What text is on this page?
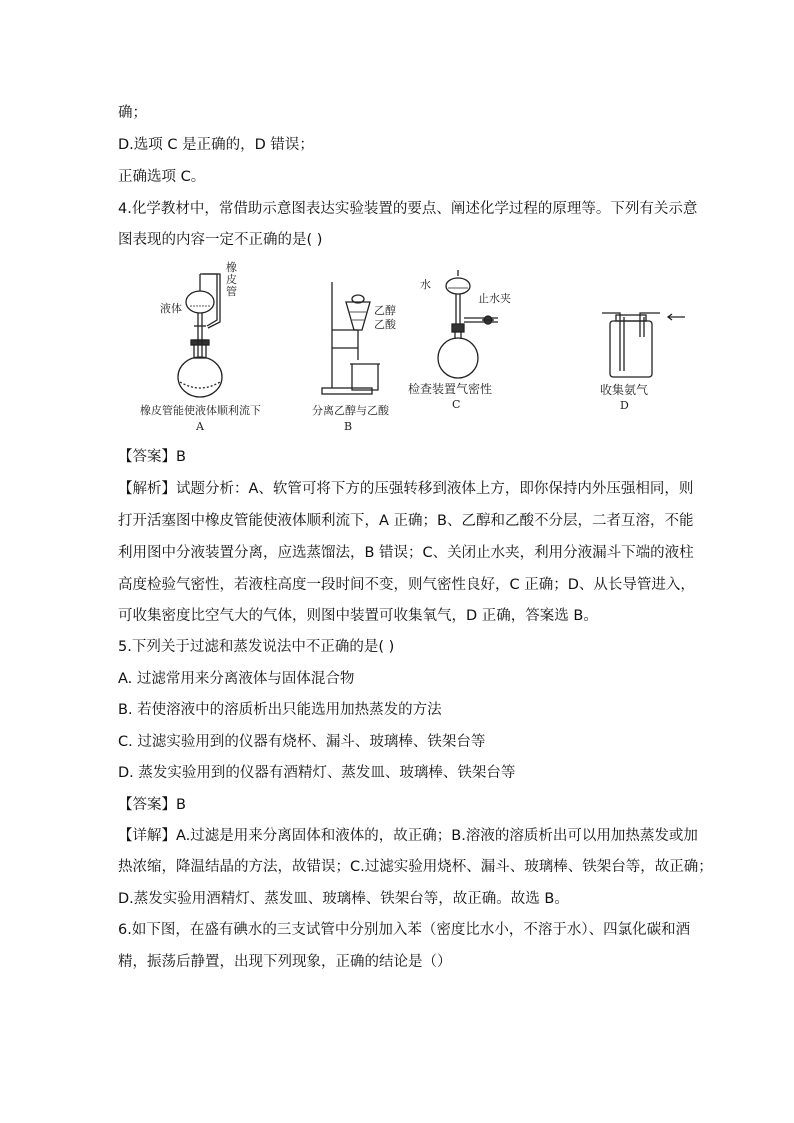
确；
D.选项 C 是正确的，D 错误；
正确选项 C。
4.化学教材中，常借助示意图表达实验装置的要点、阐述化学过程的原理等。下列有关示意
图表现的内容一定不正确的是( )
液体
橡皮管
橡皮管能使液体顺利流下
A
乙醇
乙酸
分离乙醇与乙酸
B
水
止水夹
检查装置气密性
C
收集氨气
D
【答案】B
【解析】试题分析：A、软管可将下方的压强转移到液体上方，即你保持内外压强相同，则
打开活塞图中橡皮管能使液体顺利流下，A 正确；B、乙醇和乙酸不分层，二者互溶，不能
利用图中分液装置分离，应选蒸馏法，B 错误；C、关闭止水夹，利用分液漏斗下端的液柱
高度检验气密性，若液柱高度一段时间不变，则气密性良好，C 正确；D、从长导管进入，
可收集密度比空气大的气体，则图中装置可收集氧气，D 正确，答案选 B。
5.下列关于过滤和蒸发说法中不正确的是( )
A. 过滤常用来分离液体与固体混合物
B. 若使溶液中的溶质析出只能选用加热蒸发的方法
C. 过滤实验用到的仪器有烧杯、漏斗、玻璃棒、铁架台等
D. 蒸发实验用到的仪器有酒精灯、蒸发皿、玻璃棒、铁架台等
【答案】B
【详解】A.过滤是用来分离固体和液体的，故正确；B.溶液的溶质析出可以用加热蒸发或加
热浓缩，降温结晶的方法，故错误；C.过滤实验用烧杯、漏斗、玻璃棒、铁架台等，故正确；
D.蒸发实验用酒精灯、蒸发皿、玻璃棒、铁架台等，故正确。故选 B。
6.如下图，在盛有碘水的三支试管中分别加入苯（密度比水小，不溶于水）、四氯化碳和酒
精，振荡后静置，出现下列现象，正确的结论是（）
